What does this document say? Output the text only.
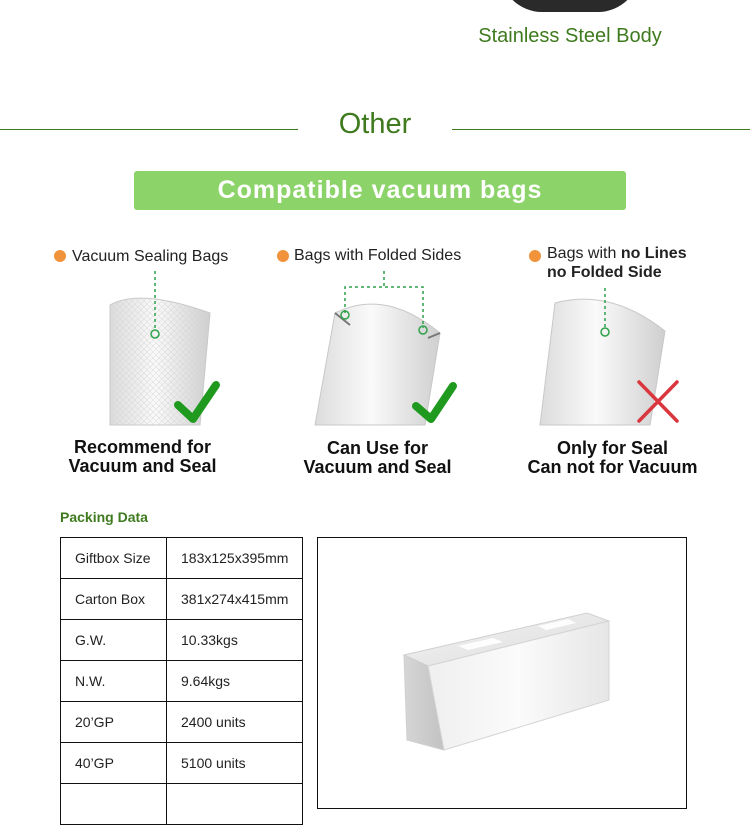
Stainless Steel Body
Other
Compatible vacuum bags
Vacuum Sealing Bags
Recommend for
Vacuum and Seal
Bags with Folded Sides
Can Use for
Vacuum and Seal
Bags with no Lines
no Folded Side
Only for Seal
Can not for Vacuum
Packing Data
Giftbox Size	183x125x395mm
Carton Box	381x274x415mm
G.W.	10.33kgs
N.W.	9.64kgs
20’GP	2400 units
40’GP	5100 units
